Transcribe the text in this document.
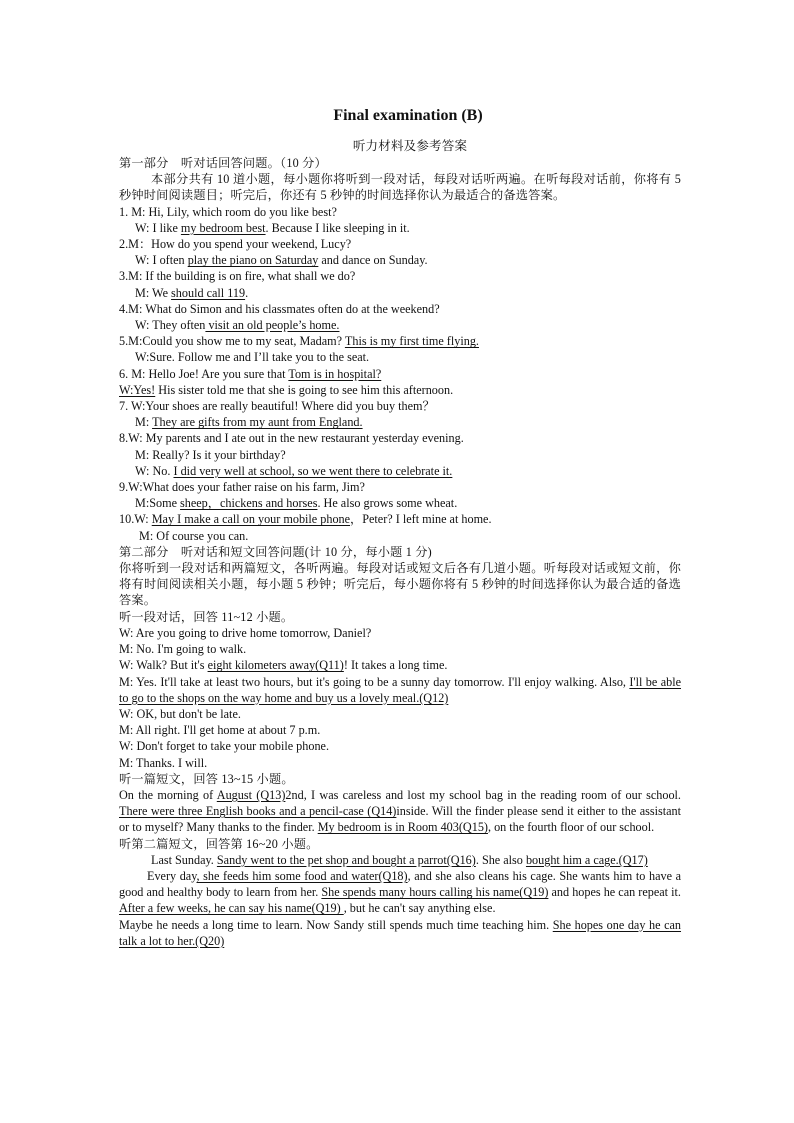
Final examination (B)
听力材料及参考答案
第一部分　听对话回答问题。（10 分）
本部分共有 10 道小题，每小题你将听到一段对话，每段对话听两遍。在听每段对话前，你将有 5 秒钟时间阅读题目；听完后，你还有 5 秒钟的时间选择你认为最适合的备选答案。
1. M: Hi, Lily, which room do you like best?
W: I like my bedroom best. Because I like sleeping in it.
2.M：How do you spend your weekend, Lucy?
W: I often play the piano on Saturday and dance on Sunday.
3.M: If the building is on fire, what shall we do?
M: We should call 119.
4.M: What do Simon and his classmates often do at the weekend?
W: They often visit an old people’s home.
5.M:Could you show me to my seat, Madam? This is my first time flying.
W:Sure. Follow me and I’ll take you to the seat.
6. M: Hello Joe! Are you sure that Tom is in hospital?
W:Yes! His sister told me that she is going to see him this afternoon.
7. W:Your shoes are really beautiful! Where did you buy them？
M: They are gifts from my aunt from England.
8.W: My parents and I ate out in the new restaurant yesterday evening.
M: Really? Is it your birthday?
W: No. I did very well at school, so we went there to celebrate it.
9.W:What does your father raise on his farm, Jim?
M:Some sheep，chickens and horses. He also grows some wheat.
10.W: May I make a call on your mobile phone，Peter? I left mine at home.
M: Of course you can.
第二部分　听对话和短文回答问题(计 10 分，每小题 1 分)
你将听到一段对话和两篇短文，各听两遍。每段对话或短文后各有几道小题。听每段对话或短文前，你将有时间阅读相关小题，每小题 5 秒钟；听完后，每小题你将有 5 秒钟的时间选择你认为最合适的备选答案。
听一段对话，回答 11~12 小题。
W: Are you going to drive home tomorrow, Daniel?
M: No. I'm going to walk.
W: Walk? But it's eight kilometers away(Q11)! It takes a long time.
M: Yes. It'll take at least two hours, but it's going to be a sunny day tomorrow. I'll enjoy walking. Also, I'll be able to go to the shops on the way home and buy us a lovely meal.(Q12)
W: OK, but don't be late.
M: All right. I'll get home at about 7 p.m.
W: Don't forget to take your mobile phone.
M: Thanks. I will.
听一篇短文，回答 13~15 小题。
On the morning of August (Q13)2nd, I was careless and lost my school bag in the reading room of our school. There were three English books and a pencil-case (Q14)inside. Will the finder please send it either to the assistant or to myself? Many thanks to the finder. My bedroom is in Room 403(Q15), on the fourth floor of our school.
听第二篇短文，回答第 16~20 小题。
Last Sunday. Sandy went to the pet shop and bought a parrot(Q16). She also bought him a cage.(Q17)
Every day, she feeds him some food and water(Q18), and she also cleans his cage. She wants him to have a good and healthy body to learn from her. She spends many hours calling his name(Q19) and hopes he can repeat it. After a few weeks, he can say his name(Q19) , but he can't say anything else.
Maybe he needs a long time to learn. Now Sandy still spends much time teaching him. She hopes one day he can talk a lot to her.(Q20)
